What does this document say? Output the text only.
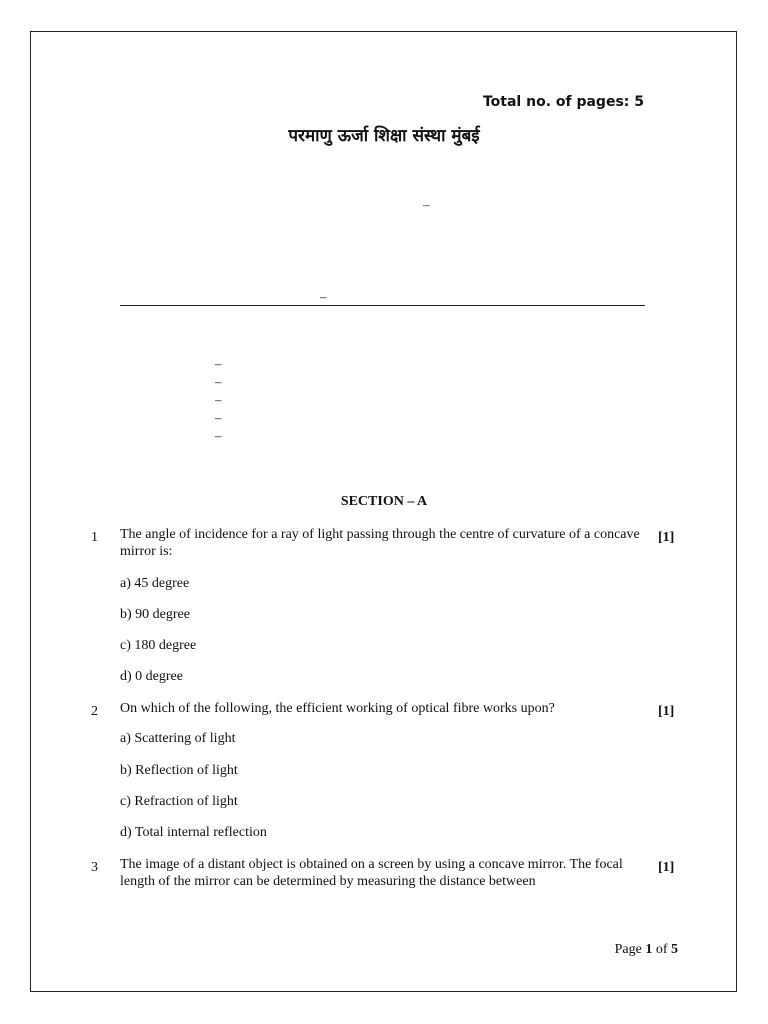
Total no. of pages: 5
परमाणु ऊर्जा शिक्षा संस्था मुंबई
–
–
–
–
–
–
–
SECTION – A
1 The angle of incidence for a ray of light passing through the centre of curvature of a concave mirror is:
[1]
a) 45 degree
b) 90 degree
c) 180 degree
d) 0 degree
2 On which of the following, the efficient working of optical fibre works upon?	[1]
a) Scattering of light
b) Reflection of light
c) Refraction of light
d) Total internal reflection
3 The image of a distant object is obtained on a screen by using a concave mirror. The focal length of the mirror can be determined by measuring the distance between
[1]
Page 1 of 5
